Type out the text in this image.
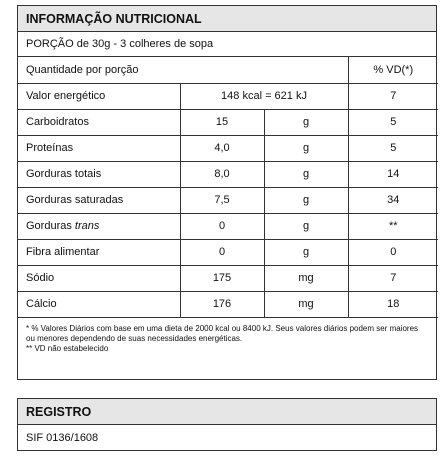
INFORMAÇÃO NUTRICIONAL
PORÇÃO de 30g - 3 colheres de sopa
Quantidade por porção			% VD(*)
Valor energético	148 kcal = 621 kJ		7
Carboidratos	15	g	5
Proteínas	4,0	g	5
Gorduras totais	8,0	g	14
Gorduras saturadas	7,5	g	34
Gorduras trans	0	g	**
Fibra alimentar	0	g	0
Sódio	175	mg	7
Cálcio	176	mg	18
* % Valores Diários com base em uma dieta de 2000 kcal ou 8400 kJ. Seus valores diários podem ser maiores ou menores dependendo de suas necessidades energéticas.
** VD não estabelecido
REGISTRO
SIF 0136/1608
